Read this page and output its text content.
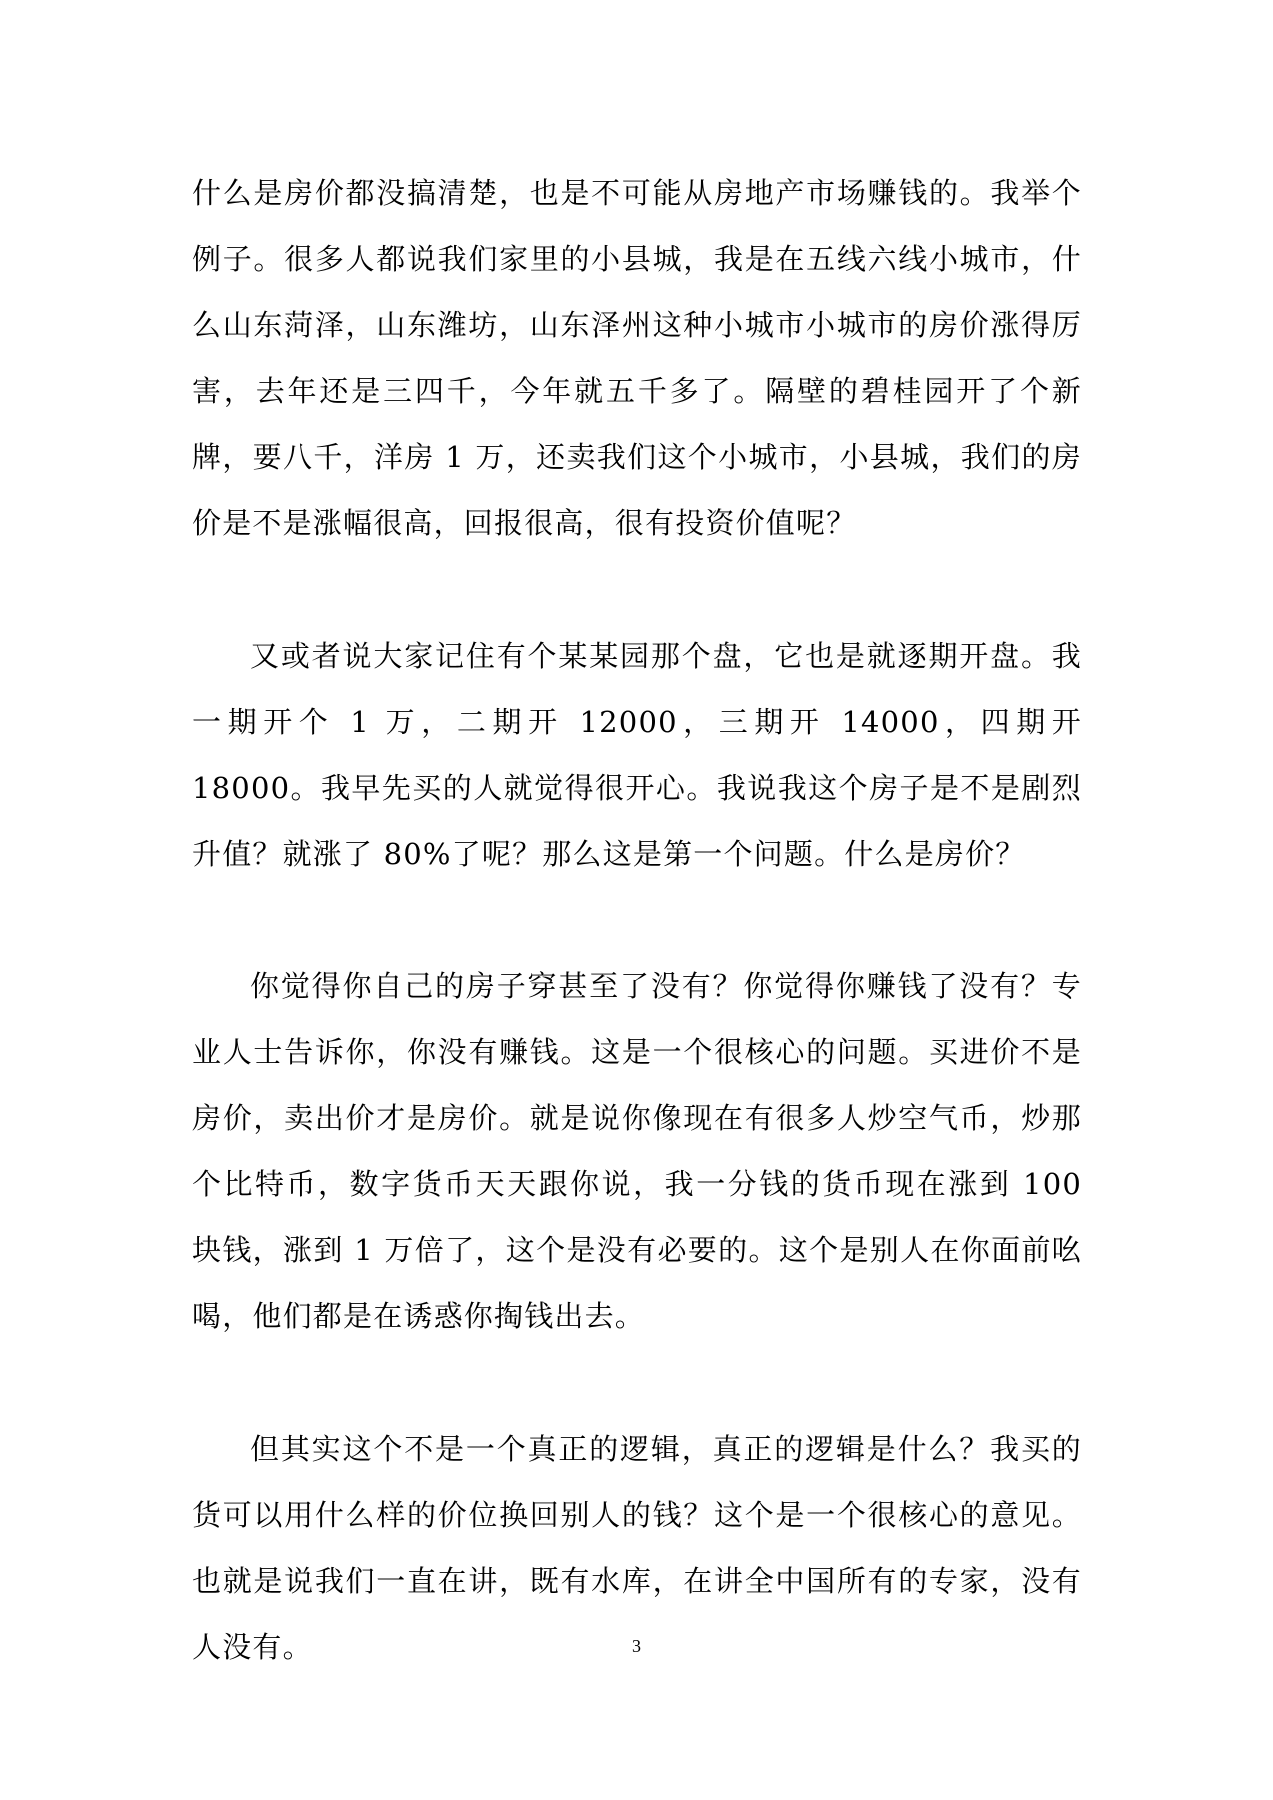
什么是房价都没搞清楚，也是不可能从房地产市场赚钱的。我举个例子。很多人都说我们家里的小县城，我是在五线六线小城市，什么山东菏泽，山东潍坊，山东泽州这种小城市小城市的房价涨得厉害，去年还是三四千，今年就五千多了。隔壁的碧桂园开了个新牌，要八千，洋房 1 万，还卖我们这个小城市，小县城，我们的房价是不是涨幅很高，回报很高，很有投资价值呢？

又或者说大家记住有个某某园那个盘，它也是就逐期开盘。我一期开个 1 万，二期开 12000，三期开 14000，四期开 18000。我早先买的人就觉得很开心。我说我这个房子是不是剧烈升值？就涨了 80%了呢？那么这是第一个问题。什么是房价？

你觉得你自己的房子穿甚至了没有？你觉得你赚钱了没有？专业人士告诉你，你没有赚钱。这是一个很核心的问题。买进价不是房价，卖出价才是房价。就是说你像现在有很多人炒空气币，炒那个比特币，数字货币天天跟你说，我一分钱的货币现在涨到 100 块钱，涨到 1 万倍了，这个是没有必要的。这个是别人在你面前吆喝，他们都是在诱惑你掏钱出去。

但其实这个不是一个真正的逻辑，真正的逻辑是什么？我买的货可以用什么样的价位换回别人的钱？这个是一个很核心的意见。也就是说我们一直在讲，既有水库，在讲全中国所有的专家，没有人没有。	3
